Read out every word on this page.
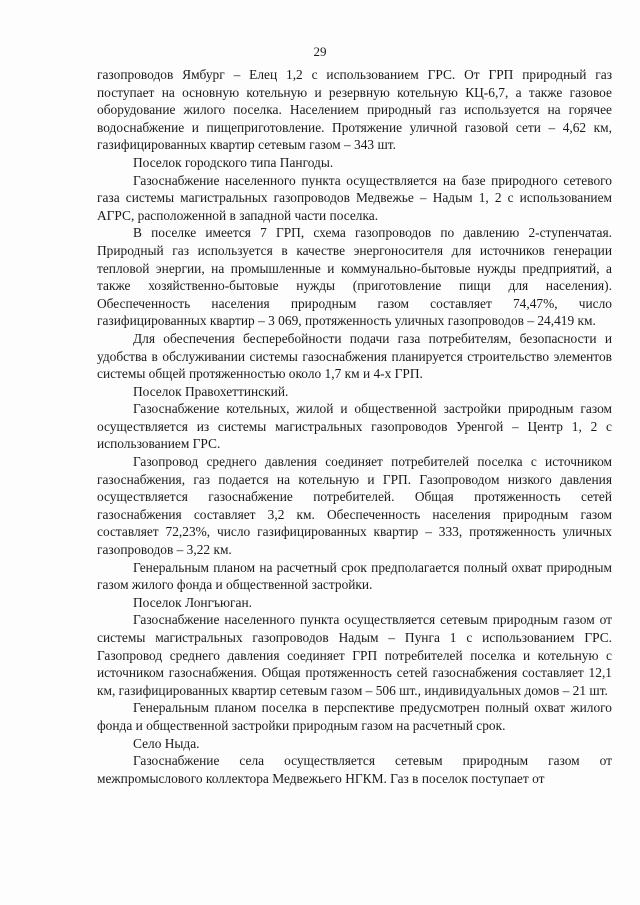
29

газопроводов Ямбург – Елец 1,2 с использованием ГРС. От ГРП природный газ поступает на основную котельную и резервную котельную КЦ-6,7, а также газовое оборудование жилого поселка. Населением природный газ используется на горячее водоснабжение и пищеприготовление. Протяжение уличной газовой сети – 4,62 км, газифицированных квартир сетевым газом – 343 шт.

Поселок городского типа Пангоды.

Газоснабжение населенного пункта осуществляется на базе природного сетевого газа системы магистральных газопроводов Медвежье – Надым 1, 2 с использованием АГРС, расположенной в западной части поселка.

В поселке имеется 7 ГРП, схема газопроводов по давлению 2-ступенчатая. Природный газ используется в качестве энергоносителя для источников генерации тепловой энергии, на промышленные и коммунально-бытовые нужды предприятий, а также хозяйственно-бытовые нужды (приготовление пищи для населения). Обеспеченность населения природным газом составляет 74,47%, число газифицированных квартир – 3 069, протяженность уличных газопроводов – 24,419 км.

Для обеспечения бесперебойности подачи газа потребителям, безопасности и удобства в обслуживании системы газоснабжения планируется строительство элементов системы общей протяженностью около 1,7 км и 4-х ГРП.

Поселок Правохеттинский.

Газоснабжение котельных, жилой и общественной застройки природным газом осуществляется из системы магистральных газопроводов Уренгой – Центр 1, 2 с использованием ГРС.

Газопровод среднего давления соединяет потребителей поселка с источником газоснабжения, газ подается на котельную и ГРП. Газопроводом низкого давления осуществляется газоснабжение потребителей. Общая протяженность сетей газоснабжения составляет 3,2 км. Обеспеченность населения природным газом составляет 72,23%, число газифицированных квартир – 333, протяженность уличных газопроводов – 3,22 км.

Генеральным планом на расчетный срок предполагается полный охват природным газом жилого фонда и общественной застройки.

Поселок Лонгъюган.

Газоснабжение населенного пункта осуществляется сетевым природным газом от системы магистральных газопроводов Надым – Пунга 1 с использованием ГРС. Газопровод среднего давления соединяет ГРП потребителей поселка и котельную с источником газоснабжения. Общая протяженность сетей газоснабжения составляет 12,1 км, газифицированных квартир сетевым газом – 506 шт., индивидуальных домов – 21 шт.

Генеральным планом поселка в перспективе предусмотрен полный охват жилого фонда и общественной застройки природным газом на расчетный срок.

Село Ныда.

Газоснабжение села осуществляется сетевым природным газом от межпромыслового коллектора Медвежьего НГКМ. Газ в поселок поступает от
